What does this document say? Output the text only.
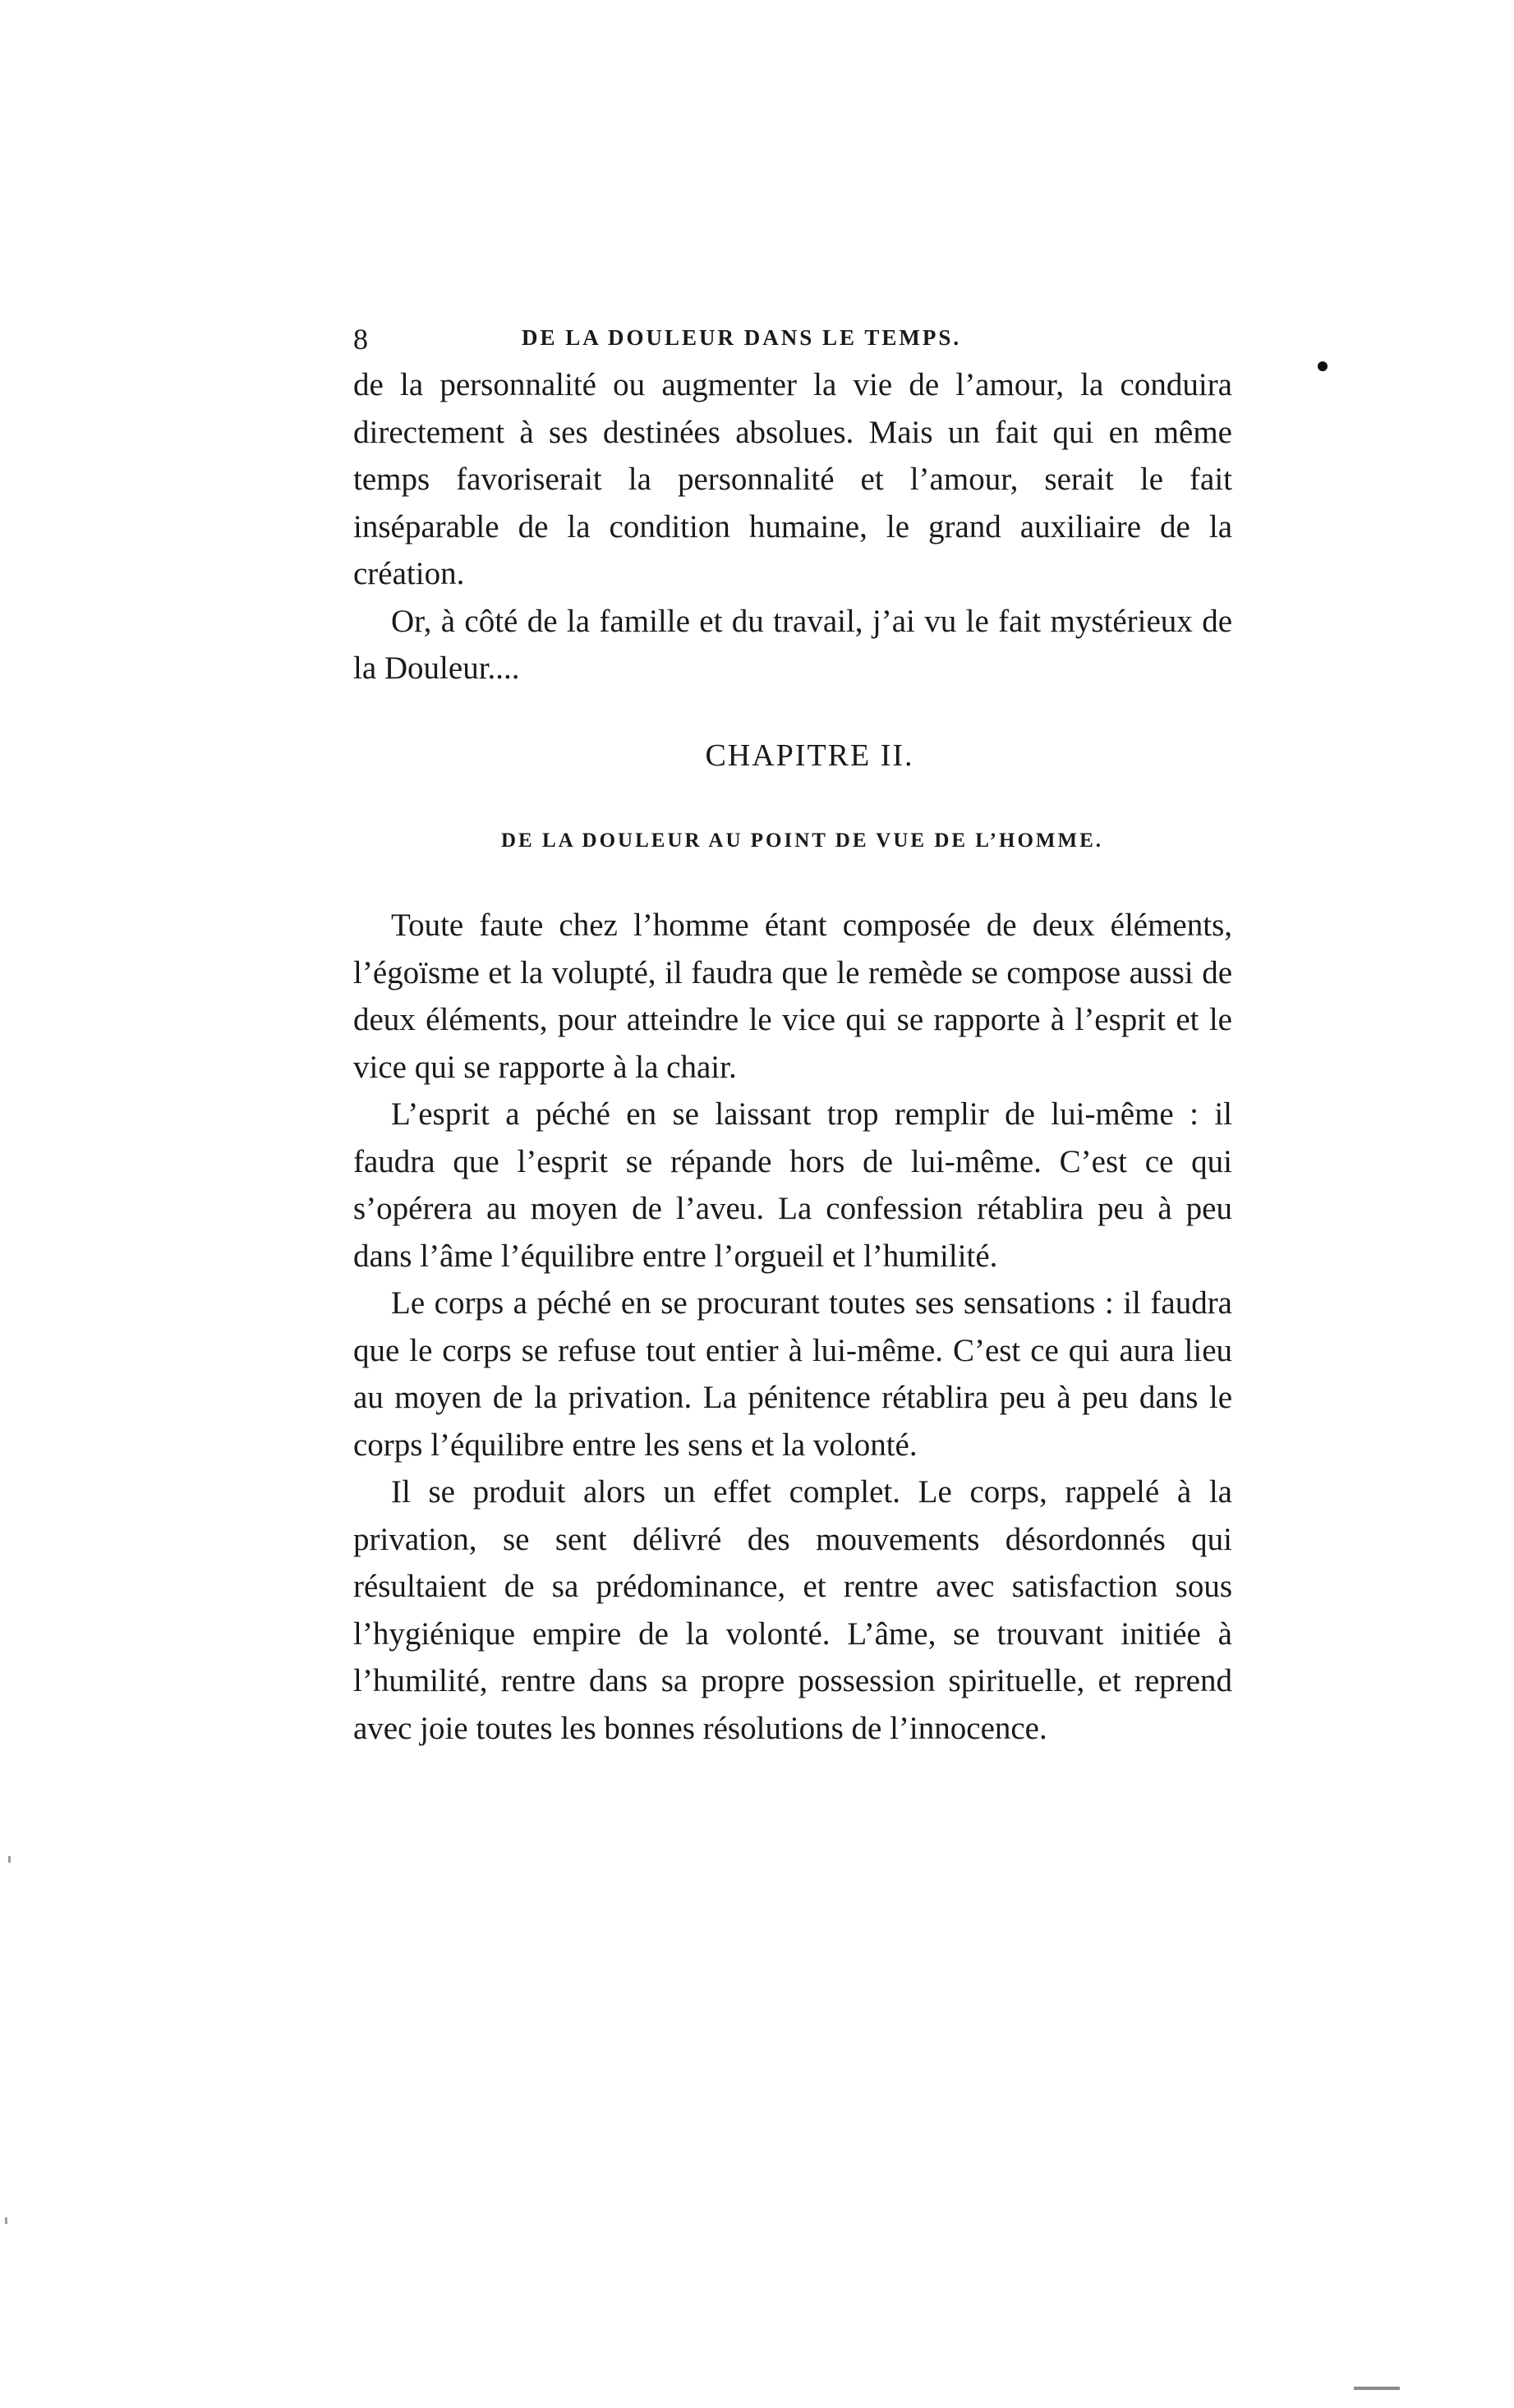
8	DE LA DOULEUR DANS LE TEMPS.

de la personnalité ou augmenter la vie de l’amour, la conduira directement à ses destinées absolues. Mais un fait qui en même temps favoriserait la personnalité et l’amour, serait le fait inséparable de la condition humaine, le grand auxiliaire de la création.

Or, à côté de la famille et du travail, j’ai vu le fait mystérieux de la Douleur....

CHAPITRE II.
DE LA DOULEUR AU POINT DE VUE DE L’HOMME.

Toute faute chez l’homme étant composée de deux éléments, l’égoïsme et la volupté, il faudra que le remède se compose aussi de deux éléments, pour atteindre le vice qui se rapporte à l’esprit et le vice qui se rapporte à la chair.

L’esprit a péché en se laissant trop remplir de lui-même : il faudra que l’esprit se répande hors de lui-même. C’est ce qui s’opérera au moyen de l’aveu. La confession rétablira peu à peu dans l’âme l’équilibre entre l’orgueil et l’humilité.

Le corps a péché en se procurant toutes ses sensations : il faudra que le corps se refuse tout entier à lui-même. C’est ce qui aura lieu au moyen de la privation. La pénitence rétablira peu à peu dans le corps l’équilibre entre les sens et la volonté.

Il se produit alors un effet complet. Le corps, rappelé à la privation, se sent délivré des mouvements désordonnés qui résultaient de sa prédominance, et rentre avec satisfaction sous l’hygiénique empire de la volonté. L’âme, se trouvant initiée à l’humilité, rentre dans sa propre possession spirituelle, et reprend avec joie toutes les bonnes résolutions de l’innocence.
